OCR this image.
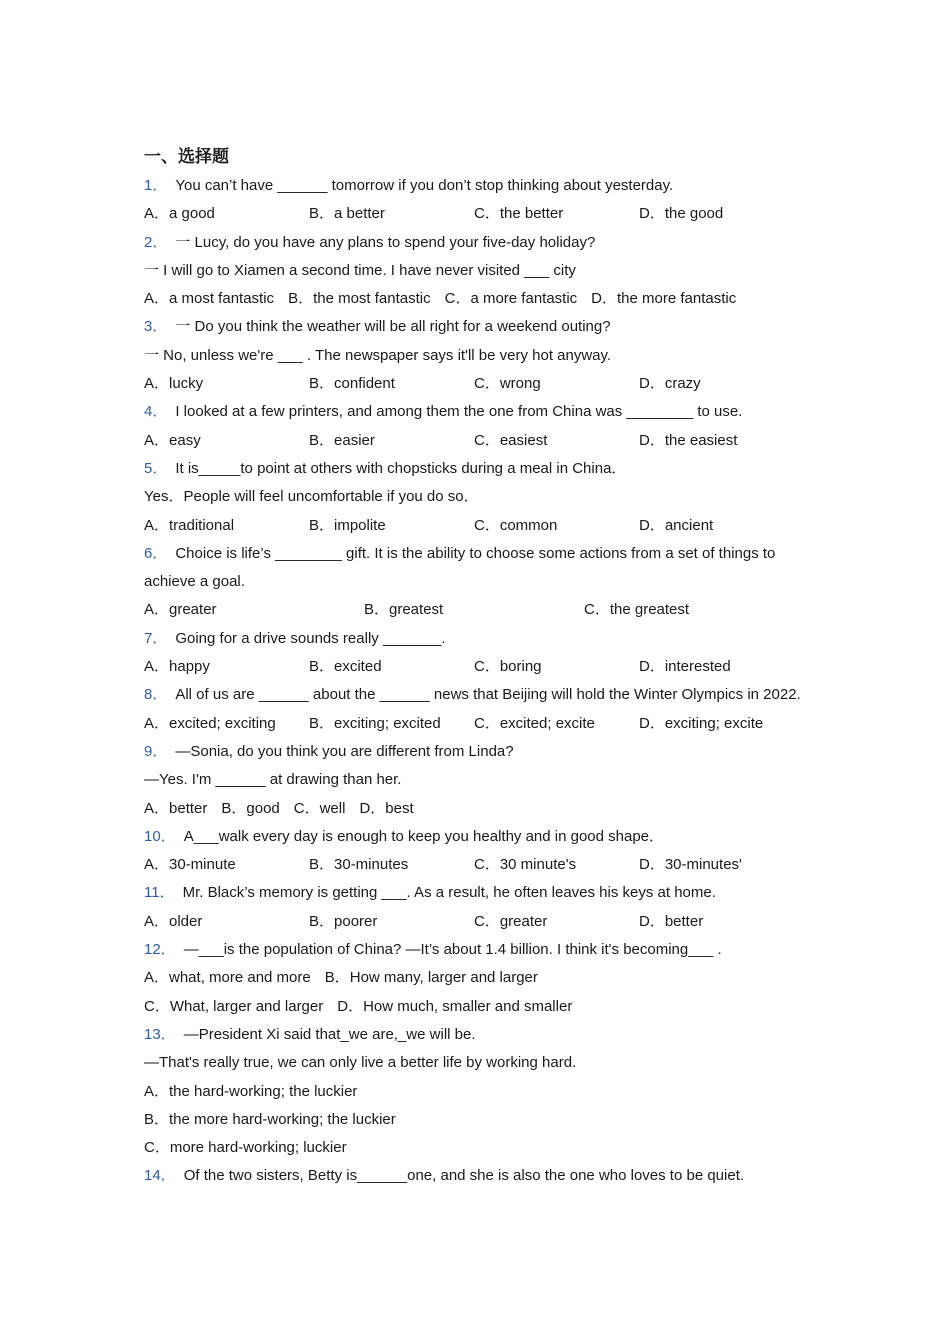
一、选择题
1． You can’t have ______ tomorrow if you don’t stop thinking about yesterday.
A．a good	B．a better	C．the better	D．the good
2． 一 Lucy, do you have any plans to spend your five-day holiday?
一 I will go to Xiamen a second time. I have never visited ___ city
A．a most fantastic B．the most fantastic C．a more fantastic D．the more fantastic
3． 一 Do you think the weather will be all right for a weekend outing?
一 No, unless we're ___ . The newspaper says it'll be very hot anyway.
A．lucky	B．confident	C．wrong	D．crazy
4． I looked at a few printers, and among them the one from China was ________ to use.
A．easy	B．easier	C．easiest	D．the easiest
5． It is_____to point at others with chopsticks during a meal in China．
Yes．People will feel uncomfortable if you do so．
A．traditional	B．impolite	C．common	D．ancient
6． Choice is life’s ________ gift. It is the ability to choose some actions from a set of things to achieve a goal.
A．greater	B．greatest	C．the greatest
7． Going for a drive sounds really _______.
A．happy	B．excited	C．boring	D．interested
8． All of us are ______ about the ______ news that Beijing will hold the Winter Olympics in 2022.
A．excited; exciting	B．exciting; excited	C．excited; excite	D．exciting; excite
9． —Sonia, do you think you are different from Linda?
—Yes. I'm ______ at drawing than her.
A．better B．good C．well D．best
10． A___walk every day is enough to keep you healthy and in good shape．
A．30-minute	B．30-minutes	C．30 minute's	D．30-minutes'
11． Mr. Black’s memory is getting ___. As a result, he often leaves his keys at home.
A．older	B．poorer	C．greater	D．better
12． —___is the population of China? —It’s about 1.4 billion. I think it's becoming___ .
A．what, more and more B．How many, larger and larger
C．What, larger and larger D．How much, smaller and smaller
13． —President Xi said that_we are,_we will be.
—That's really true, we can only live a better life by working hard.
A．the hard-working; the luckier
B．the more hard-working; the luckier
C．more hard-working; luckier
14． Of the two sisters, Betty is______one, and she is also the one who loves to be quiet.
